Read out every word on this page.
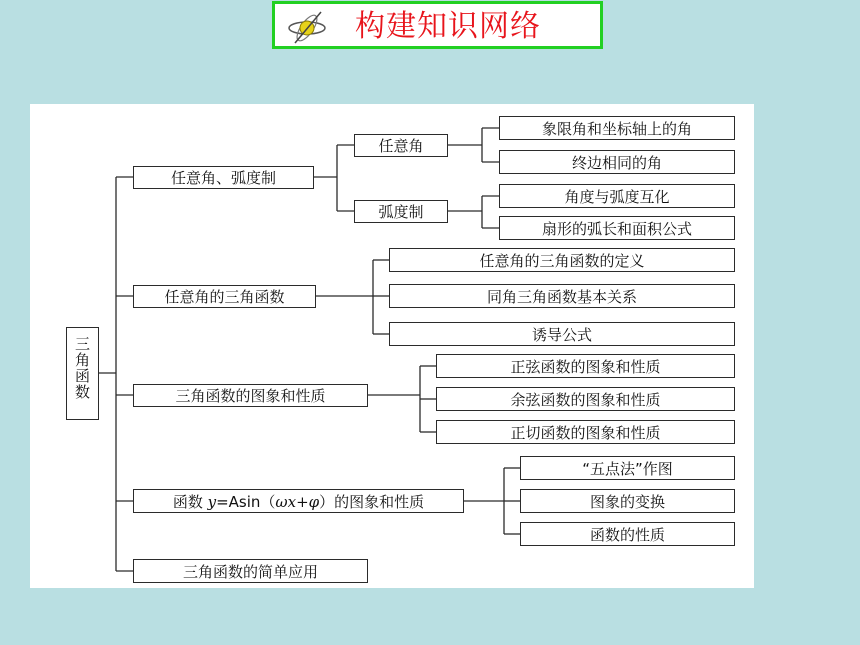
构建知识网络
三角函数
任意角、弧度制
任意角的三角函数
三角函数的图象和性质
函数 y=Asin（ωx+φ）的图象和性质
三角函数的简单应用
任意角
弧度制
象限角和坐标轴上的角
终边相同的角
角度与弧度互化
扇形的弧长和面积公式
任意角的三角函数的定义
同角三角函数基本关系
诱导公式
正弦函数的图象和性质
余弦函数的图象和性质
正切函数的图象和性质
“五点法”作图
图象的变换
函数的性质
